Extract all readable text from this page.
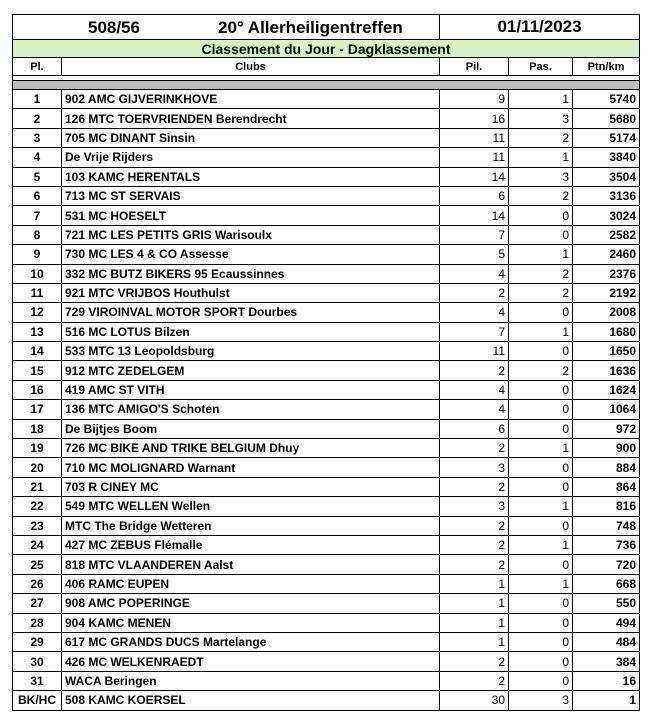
508/56 20° Allerheiligentreffen		01/11/2023		
Classement du Jour - Dagklassement				
Pl.	Clubs	Pil.	Pas.	Ptn/km

1	902 AMC GIJVERINKHOVE	9	1	5740
2	126 MTC TOERVRIENDEN Berendrecht	16	3	5680
3	705 MC DINANT Sinsin	11	2	5174
4	De Vrije Rijders	11	1	3840
5	103 KAMC HERENTALS	14	3	3504
6	713 MC ST SERVAIS	6	2	3136
7	531 MC HOESELT	14	0	3024
8	721 MC LES PETITS GRIS Warisoulx	7	0	2582
9	730 MC LES 4 & CO Assesse	5	1	2460
10	332 MC BUTZ BIKERS 95 Ecaussinnes	4	2	2376
11	921 MTC VRIJBOS Houthulst	2	2	2192
12	729 VIROINVAL MOTOR SPORT Dourbes	4	0	2008
13	516 MC LOTUS Bilzen	7	1	1680
14	533 MTC 13 Leopoldsburg	11	0	1650
15	912 MTC ZEDELGEM	2	2	1636
16	419 AMC ST VITH	4	0	1624
17	136 MTC AMIGO'S Schoten	4	0	1064
18	De Bijtjes Boom	6	0	972
19	726 MC BIKE AND TRIKE BELGIUM Dhuy	2	1	900
20	710 MC MOLIGNARD Warnant	3	0	884
21	703 R CINEY MC	2	0	864
22	549 MTC WELLEN Wellen	3	1	816
23	MTC The Bridge Wetteren	2	0	748
24	427 MC ZEBUS Flémalle	2	1	736
25	818 MTC VLAANDEREN Aalst	2	0	720
26	406 RAMC EUPEN	1	1	668
27	908 AMC POPERINGE	1	0	550
28	904 KAMC MENEN	1	0	494
29	617 MC GRANDS DUCS Martelange	1	0	484
30	426 MC WELKENRAEDT	2	0	384
31	WACA Beringen	2	0	16
BK/HC	508 KAMC KOERSEL	30	3	1
